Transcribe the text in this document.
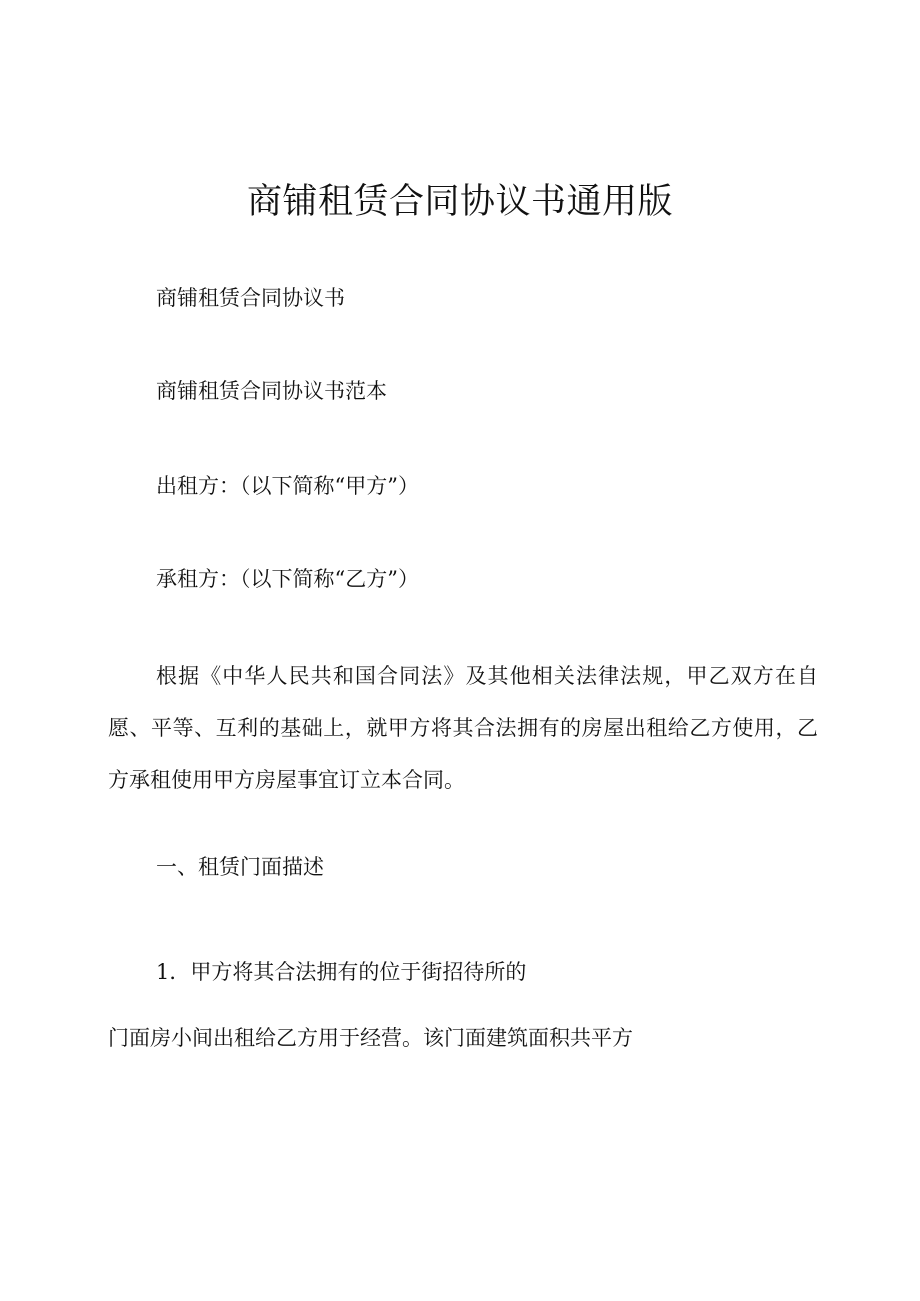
商铺租赁合同协议书通用版

商铺租赁合同协议书

商铺租赁合同协议书范本

出租方：（以下简称“甲方”）

承租方：（以下简称“乙方”）

根据《中华人民共和国合同法》及其他相关法律法规，甲乙双方在自愿、平等、互利的基础上，就甲方将其合法拥有的房屋出租给乙方使用，乙方承租使用甲方房屋事宜订立本合同。

一、租赁门面描述

1．甲方将其合法拥有的位于街招待所的

门面房小间出租给乙方用于经营。该门面建筑面积共平方
